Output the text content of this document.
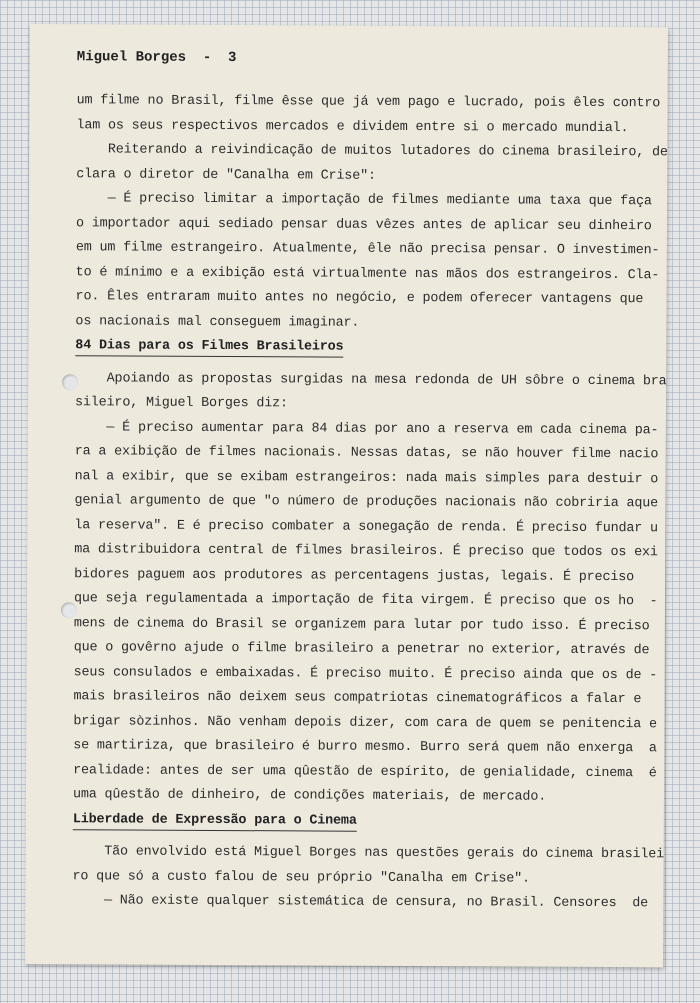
Miguel Borges  -  3
um filme no Brasil, filme êsse que já vem pago e lucrado, pois êles contro
lam os seus respectivos mercados e dividem entre si o mercado mundial.
Reiterando a reivindicação de muitos lutadores do cinema brasileiro, de
clara o diretor de "Canalha em Crise":
— É preciso limitar a importação de filmes mediante uma taxa que faça
o importador aqui sediado pensar duas vêzes antes de aplicar seu dinheiro
em um filme estrangeiro. Atualmente, êle não precisa pensar. O investimen-
to é mínimo e a exibição está virtualmente nas mãos dos estrangeiros. Cla-
ro. Êles entraram muito antes no negócio, e podem oferecer vantagens que
os nacionais mal conseguem imaginar.
84 Dias para os Filmes Brasileiros
Apoiando as propostas surgidas na mesa redonda de UH sôbre o cinema bra
sileiro, Miguel Borges diz:
— É preciso aumentar para 84 dias por ano a reserva em cada cinema pa-
ra a exibição de filmes nacionais. Nessas datas, se não houver filme nacio
nal a exibir, que se exibam estrangeiros: nada mais simples para destuir o
genial argumento de que "o número de produções nacionais não cobriria aque
la reserva". E é preciso combater a sonegação de renda. É preciso fundar u
ma distribuidora central de filmes brasileiros. É preciso que todos os exi
bidores paguem aos produtores as percentagens justas, legais. É preciso
que seja regulamentada a importação de fita virgem. É preciso que os ho  -
mens de cinema do Brasil se organizem para lutar por tudo isso. É preciso
que o govêrno ajude o filme brasileiro a penetrar no exterior, através de
seus consulados e embaixadas. É preciso muito. É preciso ainda que os de -
mais brasileiros não deixem seus compatriotas cinematográficos a falar e
brigar sòzinhos. Não venham depois dizer, com cara de quem se penitencia e
se martiriza, que brasileiro é burro mesmo. Burro será quem não enxerga  a
realidade: antes de ser uma qûestão de espírito, de genialidade, cinema  é
uma qûestão de dinheiro, de condições materiais, de mercado.
Liberdade de Expressão para o Cinema
Tão envolvido está Miguel Borges nas questões gerais do cinema brasilei
ro que só a custo falou de seu próprio "Canalha em Crise".
— Não existe qualquer sistemática de censura, no Brasil. Censores  de
